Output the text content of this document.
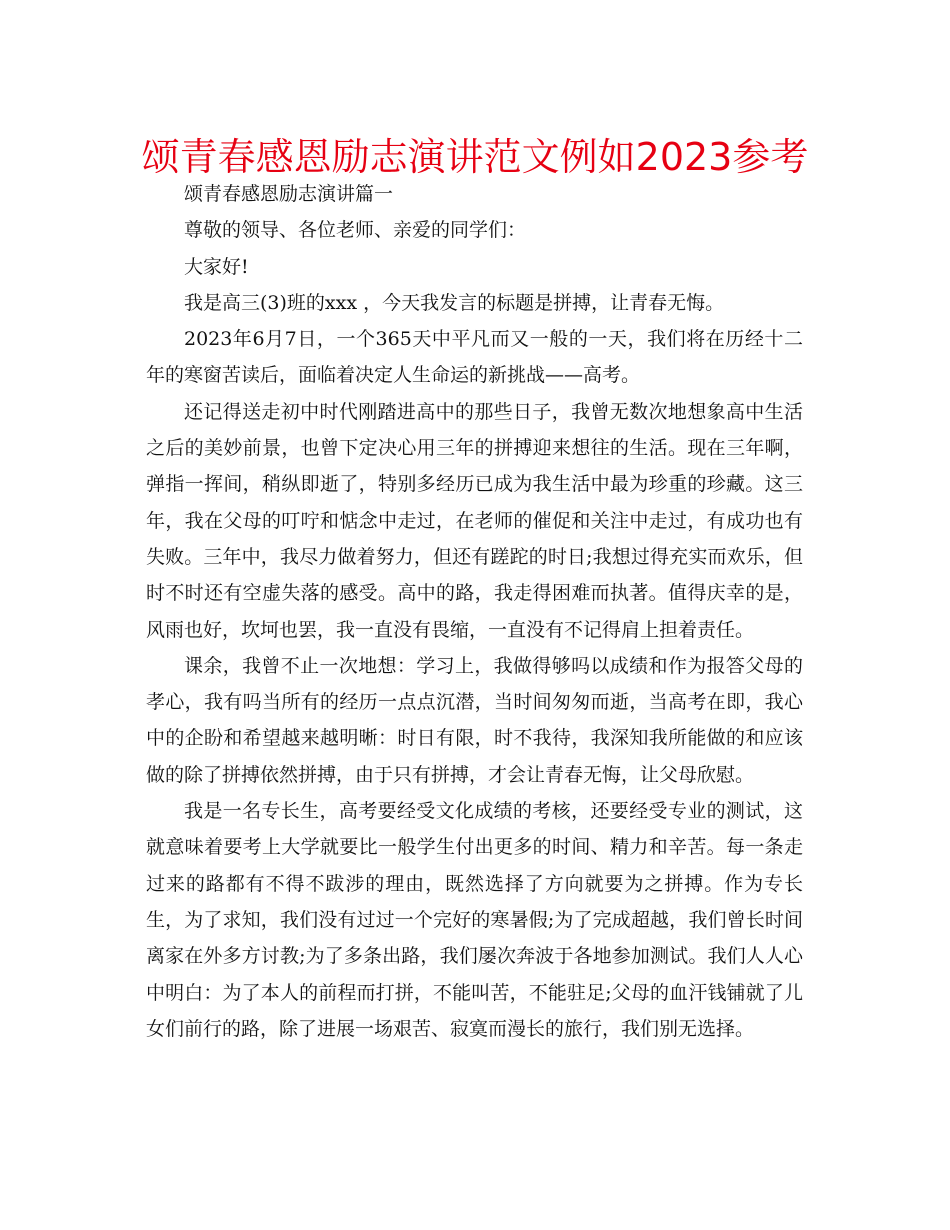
颂青春感恩励志演讲范文例如2023参考

颂青春感恩励志演讲篇一

尊敬的领导、各位老师、亲爱的同学们：

大家好!

我是高三(3)班的xxx ，今天我发言的标题是拼搏，让青春无悔。

2023年6月7日，一个365天中平凡而又一般的一天，我们将在历经十二年的寒窗苦读后，面临着决定人生命运的新挑战——高考。

还记得送走初中时代刚踏进高中的那些日子，我曾无数次地想象高中生活之后的美妙前景，也曾下定决心用三年的拼搏迎来想往的生活。现在三年啊，弹指一挥间，稍纵即逝了，特别多经历已成为我生活中最为珍重的珍藏。这三年，我在父母的叮咛和惦念中走过，在老师的催促和关注中走过，有成功也有失败。三年中，我尽力做着努力，但还有蹉跎的时日;我想过得充实而欢乐，但时不时还有空虚失落的感受。高中的路，我走得困难而执著。值得庆幸的是，风雨也好，坎坷也罢，我一直没有畏缩，一直没有不记得肩上担着责任。

课余，我曾不止一次地想：学习上，我做得够吗以成绩和作为报答父母的孝心，我有吗当所有的经历一点点沉潜，当时间匆匆而逝，当高考在即，我心中的企盼和希望越来越明晰：时日有限，时不我待，我深知我所能做的和应该做的除了拼搏依然拼搏，由于只有拼搏，才会让青春无悔，让父母欣慰。

我是一名专长生，高考要经受文化成绩的考核，还要经受专业的测试，这就意味着要考上大学就要比一般学生付出更多的时间、精力和辛苦。每一条走过来的路都有不得不跋涉的理由，既然选择了方向就要为之拼搏。作为专长生，为了求知，我们没有过过一个完好的寒暑假;为了完成超越，我们曾长时间离家在外多方讨教;为了多条出路，我们屡次奔波于各地参加测试。我们人人心中明白：为了本人的前程而打拼，不能叫苦，不能驻足;父母的血汗钱铺就了儿女们前行的路，除了进展一场艰苦、寂寞而漫长的旅行，我们别无选择。
